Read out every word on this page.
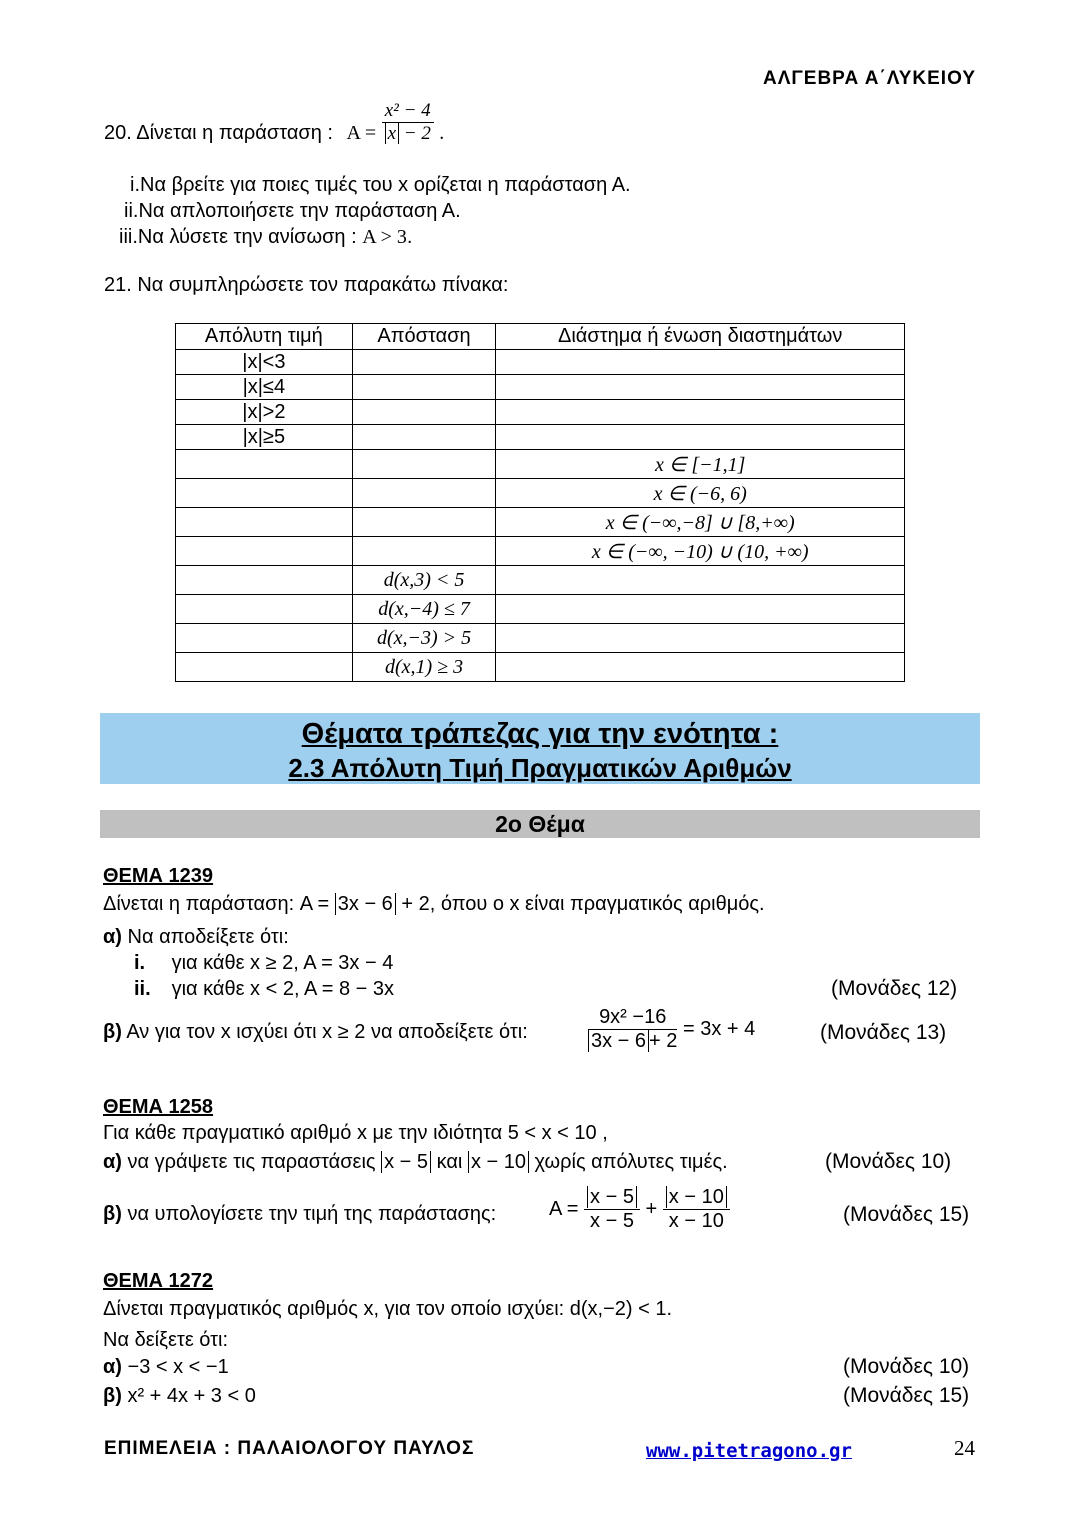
ΑΛΓΕΒΡΑ Α΄ΛΥΚΕΙΟΥ
20. Δίνεται η παράσταση : $A = \frac{\text{x² − 4}}{x - 2}$ .
i.Να βρείτε για ποιες τιμές του x ορίζεται η παράσταση Α.
ii.Να απλοποιήσετε την παράσταση Α.
iii.Να λύσετε την ανίσωση : A > 3.
21. Να συμπληρώσετε τον παρακάτω πίνακα:
Απόλυτη τιμή	Απόσταση	Διάστημα ή ένωση διαστημάτων
|x|<3		
|x|≤4		
|x|>2		
|x|≥5		
		x ∈ [−1,1]
		x ∈ (−6, 6)
		x ∈ (−∞,−8] ∪ [8,+∞)
		x ∈ (−∞, −10) ∪ (10, +∞)
	d(x,3) < 5	
	d(x,−4) ≤ 7	
	d(x,−3) > 5	
	d(x,1) ≥ 3	
Θέματα τράπεζας για την ενότητα :
2.3 Απόλυτη Τιμή Πραγματικών Αριθμών
2ο Θέμα
ΘΕΜΑ 1239
Δίνεται η παράσταση: A = 3x − 6 + 2, όπου ο x είναι πραγματικός αριθμός.
α) Να αποδείξετε ότι:
i. για κάθε x ≥ 2, A = 3x − 4
ii. για κάθε x < 2, A = 8 − 3x	(Μονάδες 12)
β) Αν για τον x ισχύει ότι x ≥ 2 να αποδείξετε ότι:	$\frac{\text{9x² −16}}{3x - 6 + 2} = 3x + 4$	(Μονάδες 13)
ΘΕΜΑ 1258
Για κάθε πραγματικό αριθμό x με την ιδιότητα 5 < x < 10 ,
α) να γράψετε τις παραστάσεις x − 5 και x − 10 χωρίς απόλυτες τιμές.	(Μονάδες 10)
β) να υπολογίσετε την τιμή της παράστασης:	$A = \frac{x - 5}{x - 5} + \frac{x - 10}{x - 10}$	(Μονάδες 15)
ΘΕΜΑ 1272
Δίνεται πραγματικός αριθμός x, για τον οποίο ισχύει: d(x,−2) < 1.
Να δείξετε ότι:
α) −3 < x < −1	(Μονάδες 10)
β) x² + 4x + 3 < 0	(Μονάδες 15)
ΕΠΙΜΕΛΕΙΑ : ΠΑΛΑΙΟΛΟΓΟΥ ΠΑΥΛΟΣ	www.pitetragono.gr	24
